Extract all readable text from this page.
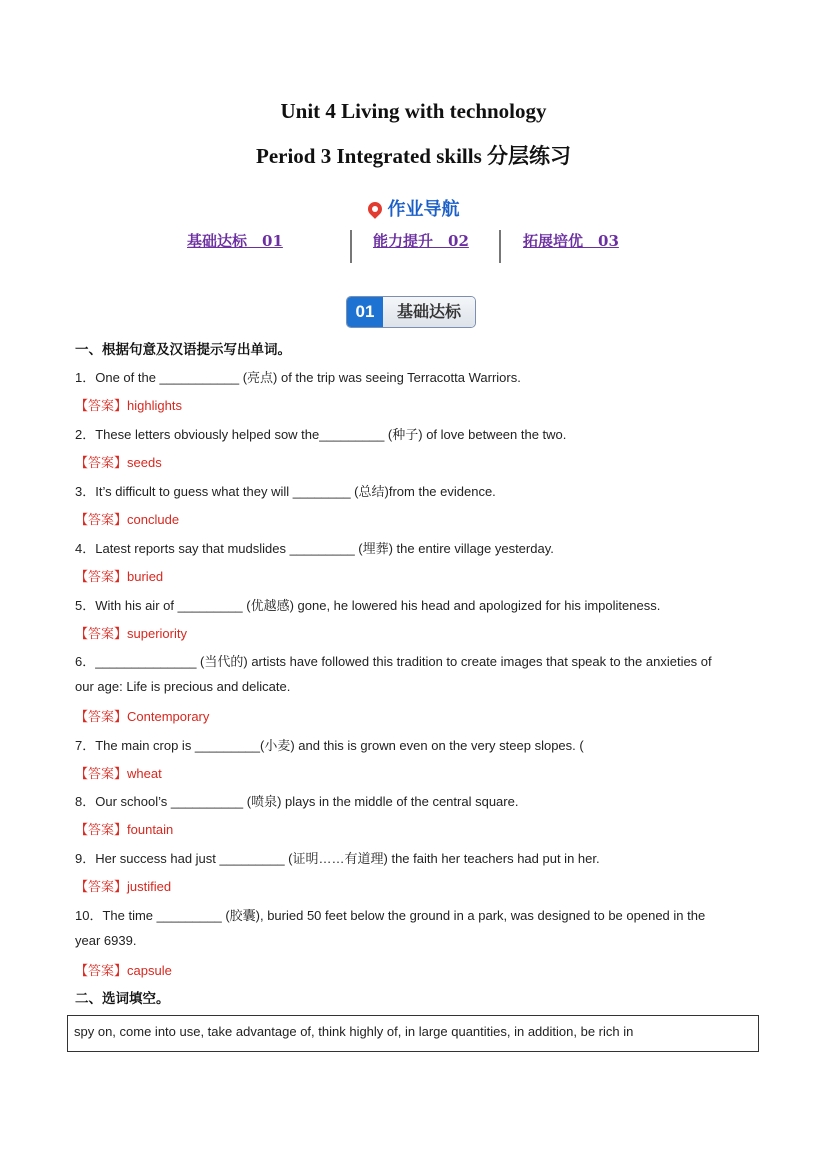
Unit 4 Living with technology
Period 3 Integrated skills 分层练习
作业导航
基础达标　01	能力提升　02	拓展培优　03
01	基础达标
一、根据句意及汉语提示写出单词。
1．One of the ___________ (亮点) of the trip was seeing Terracotta Warriors.
【答案】highlights
2．These letters obviously helped sow the_________ (种子) of love between the two.
【答案】seeds
3．It’s difficult to guess what they will ________ (总结)from the evidence.
【答案】conclude
4．Latest reports say that mudslides _________ (埋葬) the entire village yesterday.
【答案】buried
5．With his air of _________ (优越感) gone, he lowered his head and apologized for his impoliteness.
【答案】superiority
6．______________ (当代的) artists have followed this tradition to create images that speak to the anxieties of
our age: Life is precious and delicate.
【答案】Contemporary
7．The main crop is _________(小麦) and this is grown even on the very steep slopes. (
【答案】wheat
8．Our school’s __________ (喷泉) plays in the middle of the central square.
【答案】fountain
9．Her success had just _________ (证明……有道理) the faith her teachers had put in her.
【答案】justified
10．The time _________ (胶囊), buried 50 feet below the ground in a park, was designed to be opened in the
year 6939.
【答案】capsule
二、选词填空。
spy on, come into use, take advantage of, think highly of, in large quantities, in addition, be rich in
